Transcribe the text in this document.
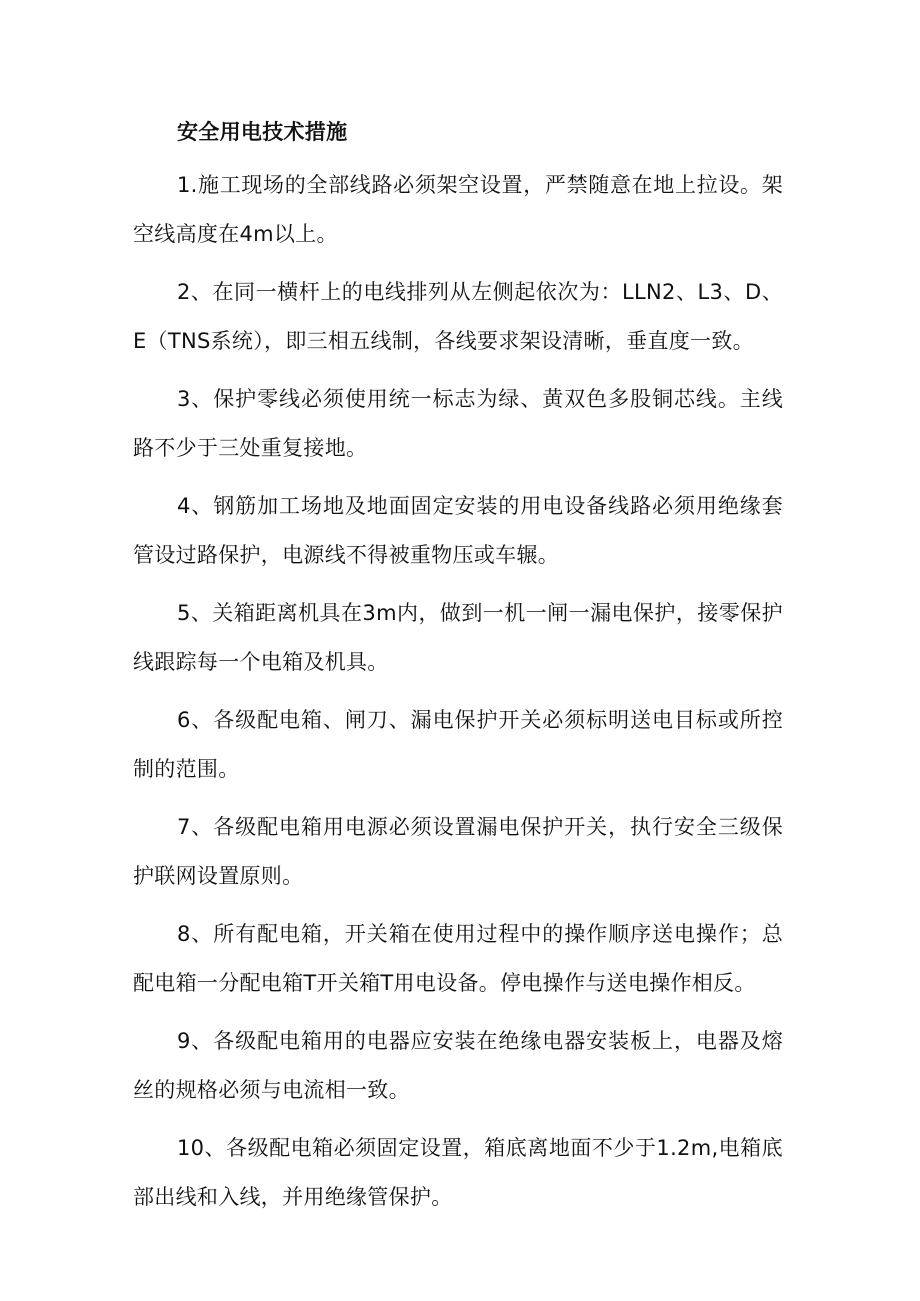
安全用电技术措施

1.施工现场的全部线路必须架空设置，严禁随意在地上拉设。架空线高度在4m以上。

2、在同一横杆上的电线排列从左侧起依次为：LLN2、L3、D、E（TNS系统），即三相五线制，各线要求架设清晰，垂直度一致。

3、保护零线必须使用统一标志为绿、黄双色多股铜芯线。主线路不少于三处重复接地。

4、钢筋加工场地及地面固定安装的用电设备线路必须用绝缘套管设过路保护，电源线不得被重物压或车辗。

5、关箱距离机具在3m内，做到一机一闸一漏电保护，接零保护线跟踪每一个电箱及机具。

6、各级配电箱、闸刀、漏电保护开关必须标明送电目标或所控制的范围。

7、各级配电箱用电源必须设置漏电保护开关，执行安全三级保护联网设置原则。

8、所有配电箱，开关箱在使用过程中的操作顺序送电操作；总配电箱一分配电箱T开关箱T用电设备。停电操作与送电操作相反。

9、各级配电箱用的电器应安装在绝缘电器安装板上，电器及熔丝的规格必须与电流相一致。

10、各级配电箱必须固定设置，箱底离地面不少于1.2m,电箱底部出线和入线，并用绝缘管保护。
